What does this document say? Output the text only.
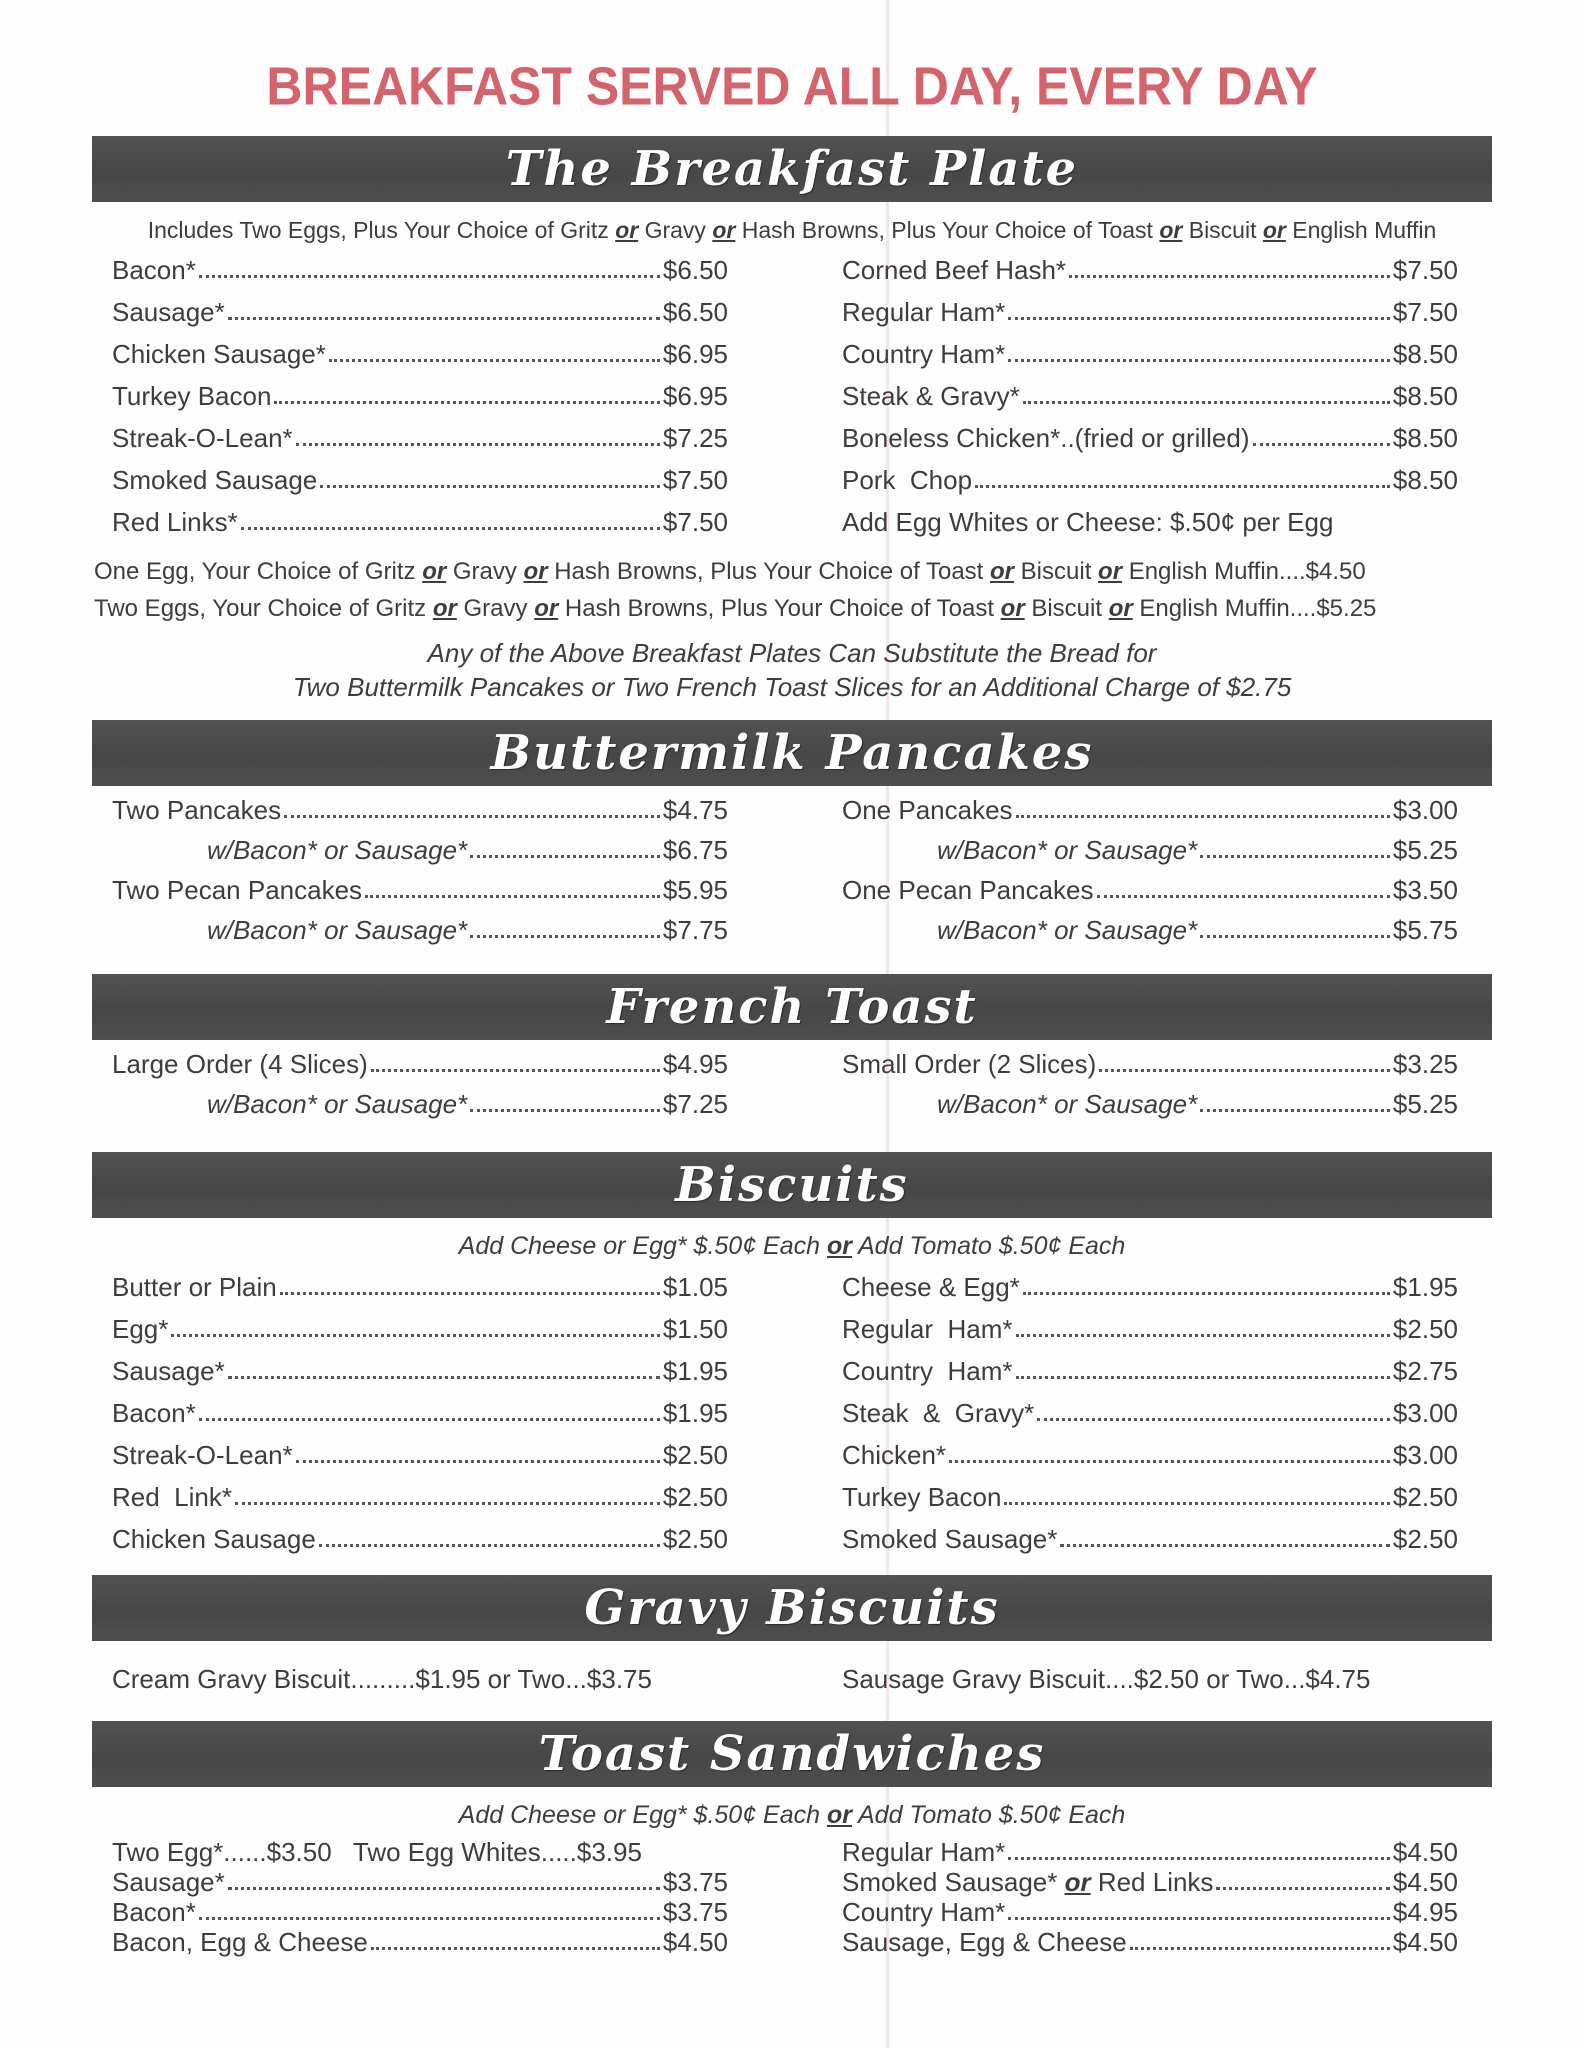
BREAKFAST SERVED ALL DAY, EVERY DAY
The Breakfast Plate

Includes Two Eggs, Plus Your Choice of Gritz or Gravy or Hash Browns, Plus Your Choice of Toast or Biscuit or English Muffin

Bacon*	$6.50
Sausage*	$6.50
Chicken Sausage*	$6.95
Turkey Bacon	$6.95
Streak-O-Lean*	$7.25
Smoked Sausage	$7.50
Red Links*	$7.50
Corned Beef Hash*	$7.50
Regular Ham*	$7.50
Country Ham*	$8.50
Steak & Gravy*	$8.50
Boneless Chicken*..(fried or grilled)	$8.50
Pork  Chop	$8.50
Add Egg Whites or Cheese: $.50¢ per Egg

One Egg, Your Choice of Gritz or Gravy or Hash Browns, Plus Your Choice of Toast or Biscuit or English Muffin....$4.50

Two Eggs, Your Choice of Gritz or Gravy or Hash Browns, Plus Your Choice of Toast or Biscuit or English Muffin....$5.25

Any of the Above Breakfast Plates Can Substitute the Bread for

Two Buttermilk Pancakes or Two French Toast Slices for an Additional Charge of $2.75

Buttermilk Pancakes
Two Pancakes	$4.75
w/Bacon* or Sausage*	$6.75
Two Pecan Pancakes	$5.95
w/Bacon* or Sausage*	$7.75
One Pancakes	$3.00
w/Bacon* or Sausage*	$5.25
One Pecan Pancakes	$3.50
w/Bacon* or Sausage*	$5.75
French Toast
Large Order (4 Slices)	$4.95
w/Bacon* or Sausage*	$7.25
Small Order (2 Slices)	$3.25
w/Bacon* or Sausage*	$5.25
Biscuits

Add Cheese or Egg* $.50¢ Each or Add Tomato $.50¢ Each

Butter or Plain	$1.05
Egg*	$1.50
Sausage*	$1.95
Bacon*	$1.95
Streak-O-Lean*	$2.50
Red  Link*	$2.50
Chicken Sausage	$2.50
Cheese & Egg*	$1.95
Regular  Ham*	$2.50
Country  Ham*	$2.75
Steak  &  Gravy*	$3.00
Chicken*	$3.00
Turkey Bacon	$2.50
Smoked Sausage*	$2.50
Gravy Biscuits
Cream Gravy Biscuit.........$1.95 or Two...$3.75	Sausage Gravy Biscuit....$2.50 or Two...$4.75
Toast Sandwiches

Add Cheese or Egg* $.50¢ Each or Add Tomato $.50¢ Each

Two Egg*......$3.50   Two Egg Whites.....$3.95
Sausage*	$3.75
Bacon*	$3.75
Bacon, Egg & Cheese	$4.50
Regular Ham*	$4.50
Smoked Sausage* or Red Links	$4.50
Country Ham*	$4.95
Sausage, Egg & Cheese	$4.50
